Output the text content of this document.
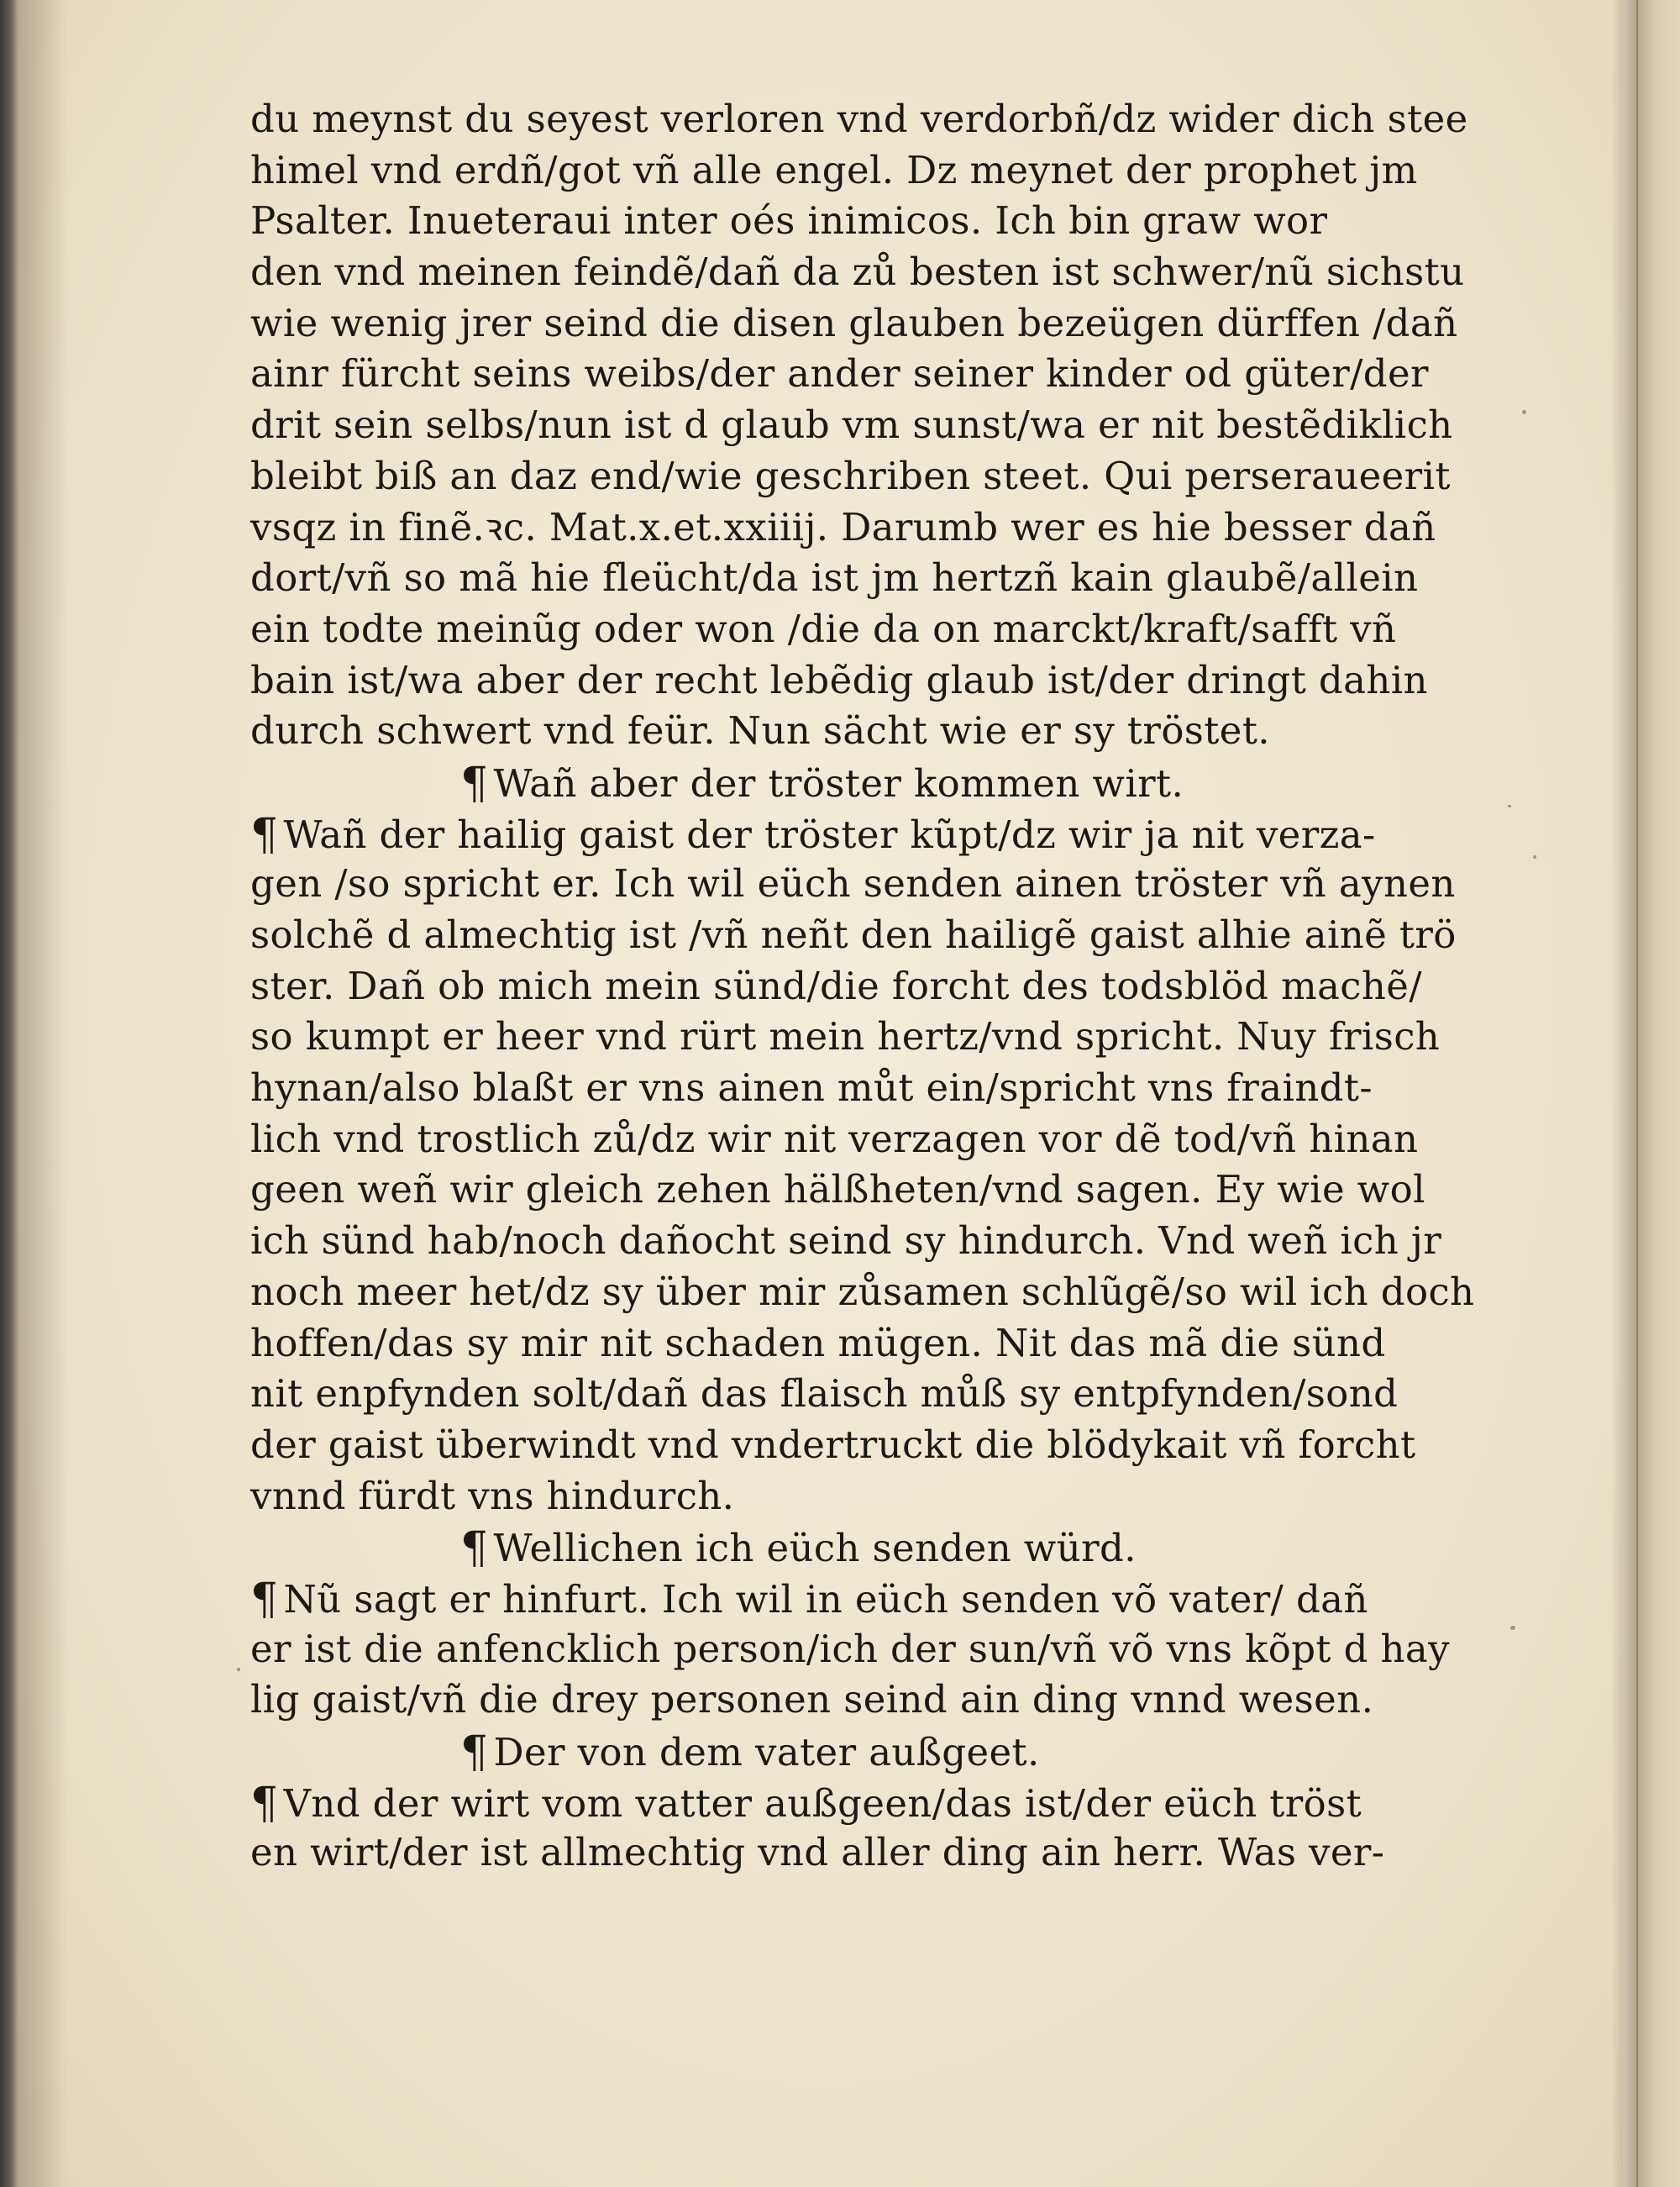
du meynst du seyest verloren vnd verdorbñ/dz wider dich stee
himel vnd erdñ/got vñ alle engel. Dz meynet der prophet jm
Psalter. Inueteraui inter oés inimicos. Ich bin graw wor
den vnd meinen feindẽ/dañ da zů besten ist schwer/nũ sichstu
wie wenig jrer seind die disen glauben bezeügen dürffen /dañ
ainr fürcht seins weibs/der ander seiner kinder od güter/der
drit sein selbs/nun ist d glaub vm sunst/wa er nit bestẽdiklich
bleibt biß an daz end/wie geschriben steet. Qui perseraueerit
vsqz in finẽ.ꝛc. Mat.x.et.xxiiij. Darumb wer es hie besser dañ
dort/vñ so mã hie fleücht/da ist jm hertzñ kain glaubẽ/allein
ein todte meinũg oder won /die da on marckt/kraft/safft vñ
bain ist/wa aber der recht lebẽdig glaub ist/der dringt dahin
durch schwert vnd feür. Nun sächt wie er sy tröstet.
¶ Wañ aber der tröster kommen wirt.
¶ Wañ der hailig gaist der tröster kũpt/dz wir ja nit verza-
gen /so spricht er. Ich wil eüch senden ainen tröster vñ aynen
solchẽ d almechtig ist /vñ neñt den hailigẽ gaist alhie ainẽ trö
ster. Dañ ob mich mein sünd/die forcht des todsblöd machẽ/
so kumpt er heer vnd rürt mein hertz/vnd spricht. Nuy frisch
hynan/also blaßt er vns ainen můt ein/spricht vns fraindt-
lich vnd trostlich zů/dz wir nit verzagen vor dẽ tod/vñ hinan
geen weñ wir gleich zehen hälßheten/vnd sagen. Ey wie wol
ich sünd hab/noch dañocht seind sy hindurch. Vnd weñ ich jr
noch meer het/dz sy über mir zůsamen schlũgẽ/so wil ich doch
hoffen/das sy mir nit schaden mügen. Nit das mã die sünd
nit enpfynden solt/dañ das flaisch můß sy entpfynden/sond
der gaist überwindt vnd vndertruckt die blödykait vñ forcht
vnnd fürdt vns hindurch.
¶ Wellichen ich eüch senden würd.
¶ Nũ sagt er hinfurt. Ich wil in eüch senden võ vater/ dañ
er ist die anfencklich person/ich der sun/vñ võ vns kõpt d hay
lig gaist/vñ die drey personen seind ain ding vnnd wesen.
¶ Der von dem vater außgeet.
¶ Vnd der wirt vom vatter außgeen/das ist/der eüch tröst
en wirt/der ist allmechtig vnd aller ding ain herr. Was ver-
